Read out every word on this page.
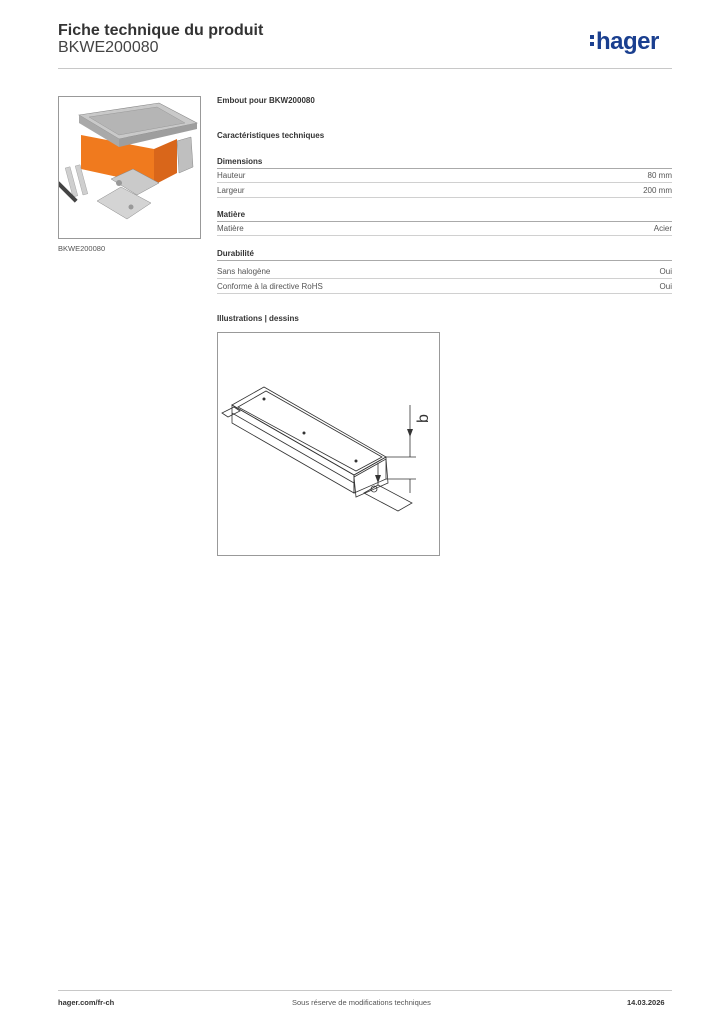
Fiche technique du produit
BKWE200080	hager
BKWE200080
Embout pour BKW200080
Caractéristiques techniques
Dimensions
Hauteur	80 mm
Largeur	200 mm
Matière
Matière	Acier
Durabilité
Sans halogène	Oui
Conforme à la directive RoHS	Oui
Illustrations | dessins
b
hager.com/fr-ch	Sous réserve de modifications techniques	14.03.2026
